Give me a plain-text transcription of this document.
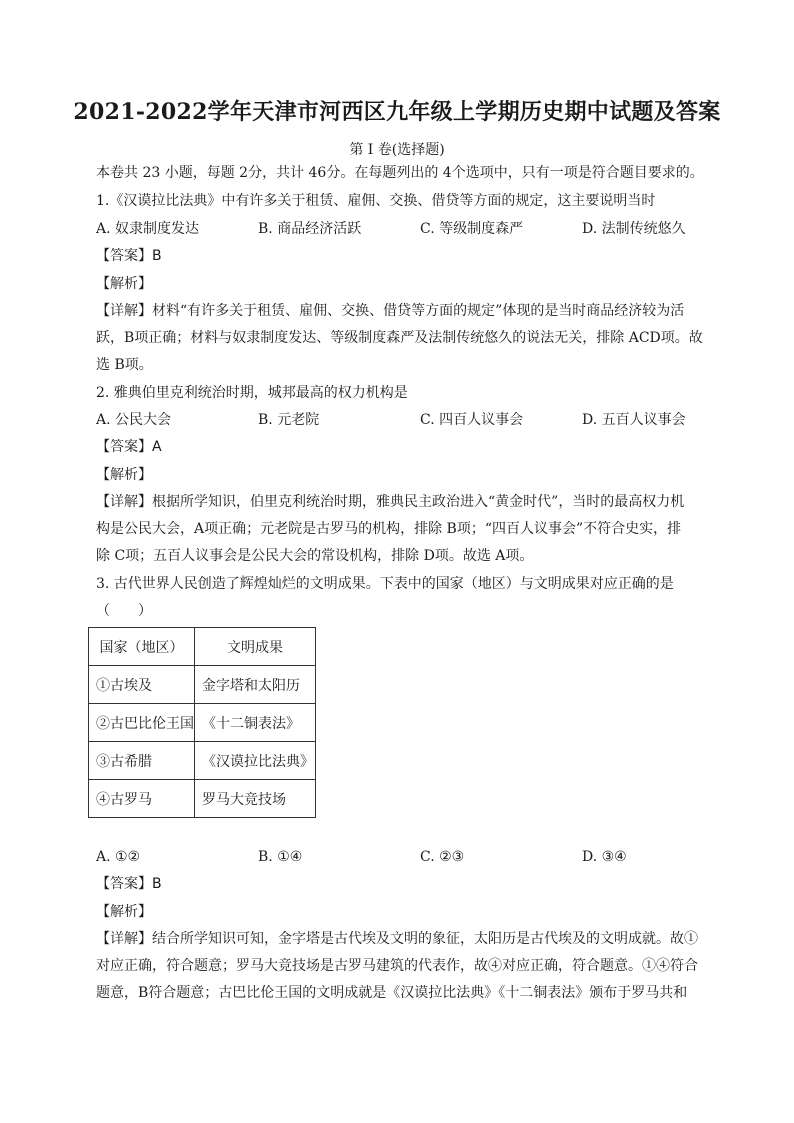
2021-2022学年天津市河西区九年级上学期历史期中试题及答案
第 I 卷(选择题)
本卷共 23 小题，每题 2分，共计 46分。在每题列出的 4个选项中，只有一项是符合题目要求的。
1.《汉谟拉比法典》中有许多关于租赁、雇佣、交换、借贷等方面的规定，这主要说明当时
A. 奴隶制度发达	B. 商品经济活跃	C. 等级制度森严	D. 法制传统悠久
【答案】B
【解析】
【详解】材料“有许多关于租赁、雇佣、交换、借贷等方面的规定”体现的是当时商品经济较为活
跃，B项正确；材料与奴隶制度发达、等级制度森严及法制传统悠久的说法无关，排除 ACD项。故
选 B项。
2. 雅典伯里克利统治时期，城邦最高的权力机构是
A. 公民大会	B. 元老院	C. 四百人议事会	D. 五百人议事会
【答案】A
【解析】
【详解】根据所学知识，伯里克利统治时期，雅典民主政治进入“黄金时代”，当时的最高权力机
构是公民大会，A项正确；元老院是古罗马的机构，排除 B项；“四百人议事会”不符合史实，排
除 C项；五百人议事会是公民大会的常设机构，排除 D项。故选 A项。
3. 古代世界人民创造了辉煌灿烂的文明成果。下表中的国家（地区）与文明成果对应正确的是
（　　）
国家（地区）	文明成果
①古埃及	金字塔和太阳历
②古巴比伦王国	《十二铜表法》
③古希腊	《汉谟拉比法典》
④古罗马	罗马大竞技场
A. ①②	B. ①④	C. ②③	D. ③④
【答案】B
【解析】
【详解】结合所学知识可知，金字塔是古代埃及文明的象征，太阳历是古代埃及的文明成就。故①
对应正确，符合题意；罗马大竞技场是古罗马建筑的代表作，故④对应正确，符合题意。①④符合
题意，B符合题意；古巴比伦王国的文明成就是《汉谟拉比法典》《十二铜表法》颁布于罗马共和
